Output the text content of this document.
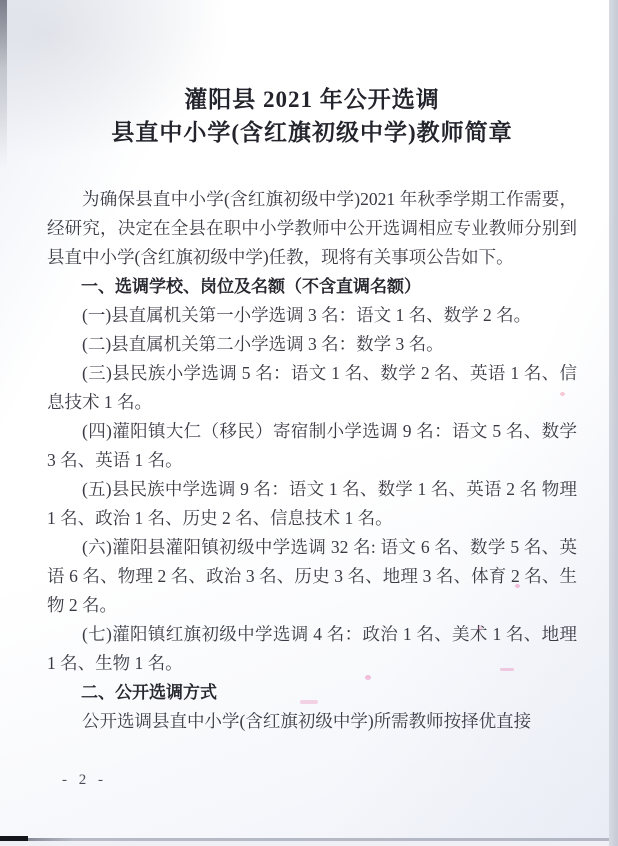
灌阳县 2021 年公开选调
县直中小学(含红旗初级中学)教师简章

为确保县直中小学(含红旗初级中学)2021 年秋季学期工作需要，经研究，决定在全县在职中小学教师中公开选调相应专业教师分别到县直中小学(含红旗初级中学)任教，现将有关事项公告如下。

一、选调学校、岗位及名额（不含直调名额）

(一)县直属机关第一小学选调 3 名：语文 1 名、数学 2 名。

(二)县直属机关第二小学选调 3 名：数学 3 名。

(三)县民族小学选调 5 名：语文 1 名、数学 2 名、英语 1 名、信息技术 1 名。

(四)灌阳镇大仁（移民）寄宿制小学选调 9 名：语文 5 名、数学 3 名、英语 1 名。

(五)县民族中学选调 9 名：语文 1 名、数学 1 名、英语 2 名 物理 1 名、政治 1 名、历史 2 名、信息技术 1 名。

(六)灌阳县灌阳镇初级中学选调 32 名: 语文 6 名、数学 5 名、英语 6 名、物理 2 名、政治 3 名、历史 3 名、地理 3 名、体育 2 名、生物 2 名。

(七)灌阳镇红旗初级中学选调 4 名：政治 1 名、美术 1 名、地理 1 名、生物 1 名。

二、公开选调方式

公开选调县直中小学(含红旗初级中学)所需教师按择优直接

- 2 -
